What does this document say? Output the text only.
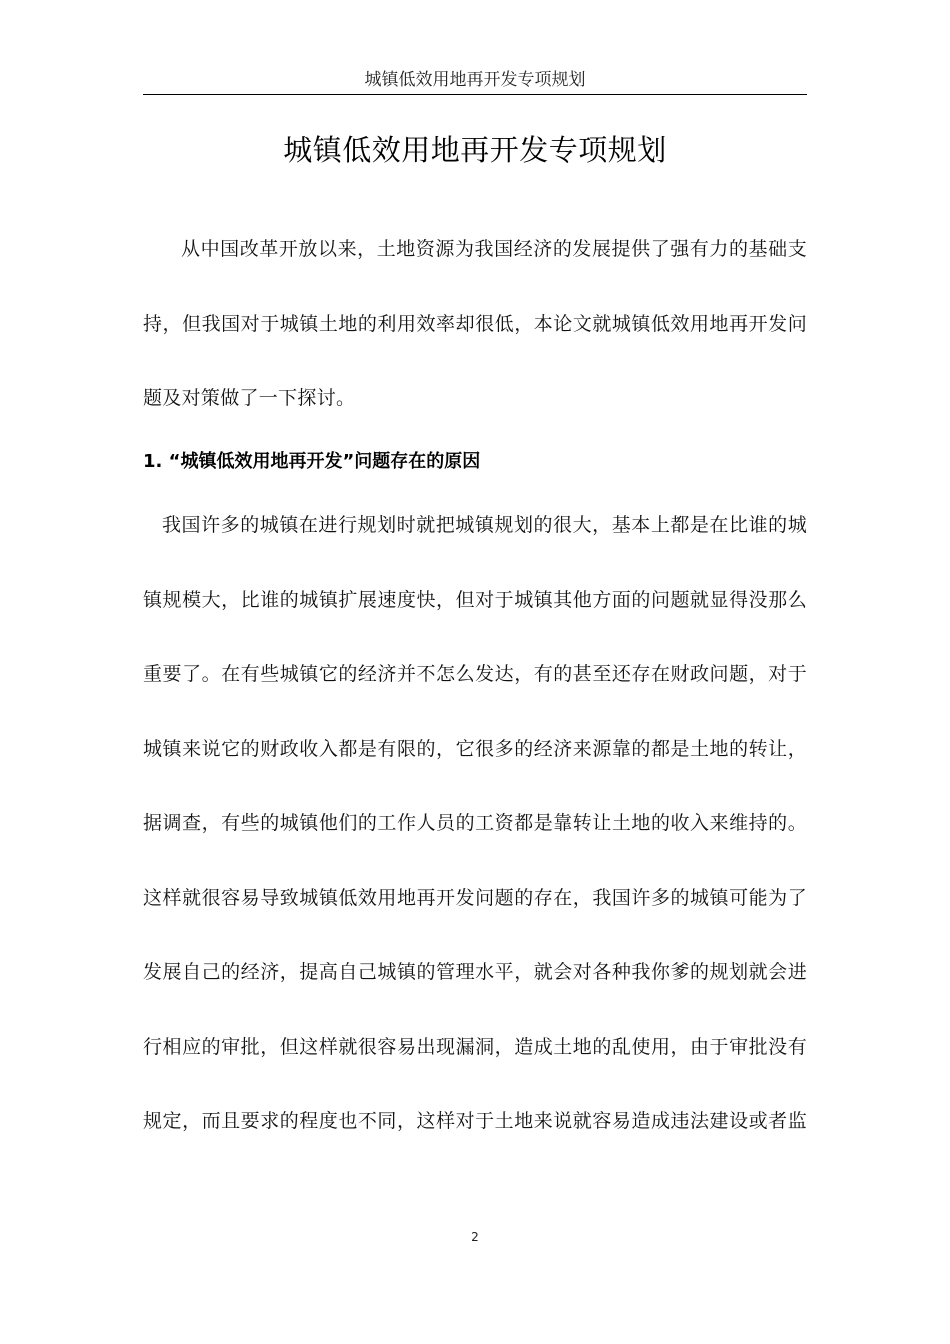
城镇低效用地再开发专项规划
城镇低效用地再开发专项规划

从中国改革开放以来，土地资源为我国经济的发展提供了强有力的基础支
持，但我国对于城镇土地的利用效率却很低，本论文就城镇低效用地再开发问
题及对策做了一下探讨。

1. “城镇低效用地再开发”问题存在的原因

我国许多的城镇在进行规划时就把城镇规划的很大，基本上都是在比谁的城
镇规模大，比谁的城镇扩展速度快，但对于城镇其他方面的问题就显得没那么
重要了。在有些城镇它的经济并不怎么发达，有的甚至还存在财政问题，对于
城镇来说它的财政收入都是有限的，它很多的经济来源靠的都是土地的转让，
据调查，有些的城镇他们的工作人员的工资都是靠转让土地的收入来维持的。
这样就很容易导致城镇低效用地再开发问题的存在，我国许多的城镇可能为了
发展自己的经济，提高自己城镇的管理水平，就会对各种我你爹的规划就会进
行相应的审批，但这样就很容易出现漏洞，造成土地的乱使用，由于审批没有
规定，而且要求的程度也不同，这样对于土地来说就容易造成违法建设或者监

2
